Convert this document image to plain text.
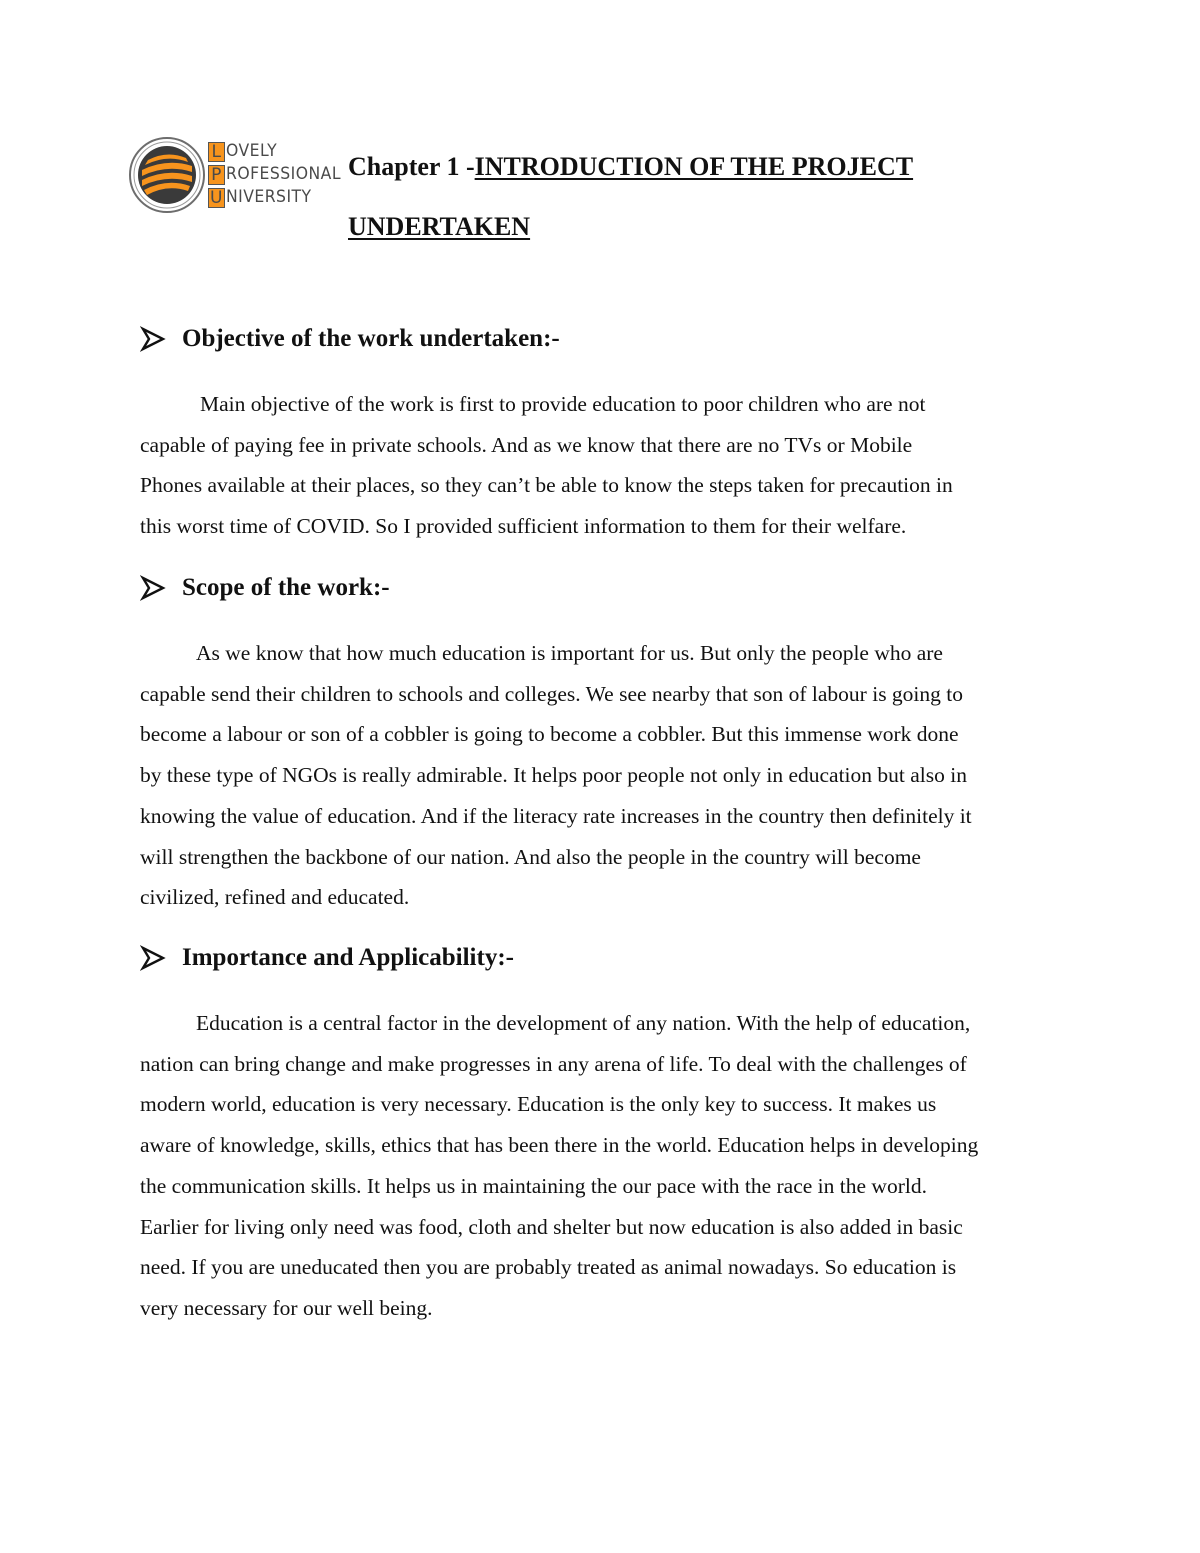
L OVELY
P ROFESSIONAL
U NIVERSITY
Chapter 1 -INTRODUCTION OF THE PROJECT
UNDERTAKEN
Objective of the work undertaken:-
Main objective of the work is first to provide education to poor children who are not
capable of paying fee in private schools. And as we know that there are no TVs or Mobile
Phones available at their places, so they can’t be able to know the steps taken for precaution in
this worst time of COVID. So I provided sufficient information to them for their welfare.
Scope of the work:-
As we know that how much education is important for us. But only the people who are
capable send their children to schools and colleges. We see nearby that son of labour is going to
become a labour or son of a cobbler is going to become a cobbler. But this immense work done
by these type of NGOs is really admirable. It helps poor people not only in education but also in
knowing the value of education. And if the literacy rate increases in the country then definitely it
will strengthen the backbone of our nation. And also the people in the country will become
civilized, refined and educated.
Importance and Applicability:-
Education is a central factor in the development of any nation. With the help of education,
nation can bring change and make progresses in any arena of life. To deal with the challenges of
modern world, education is very necessary. Education is the only key to success. It makes us
aware of knowledge, skills, ethics that has been there in the world. Education helps in developing
the communication skills. It helps us in maintaining the our pace with the race in the world.
Earlier for living only need was food, cloth and shelter but now education is also added in basic
need. If you are uneducated then you are probably treated as animal nowadays. So education is
very necessary for our well being.
